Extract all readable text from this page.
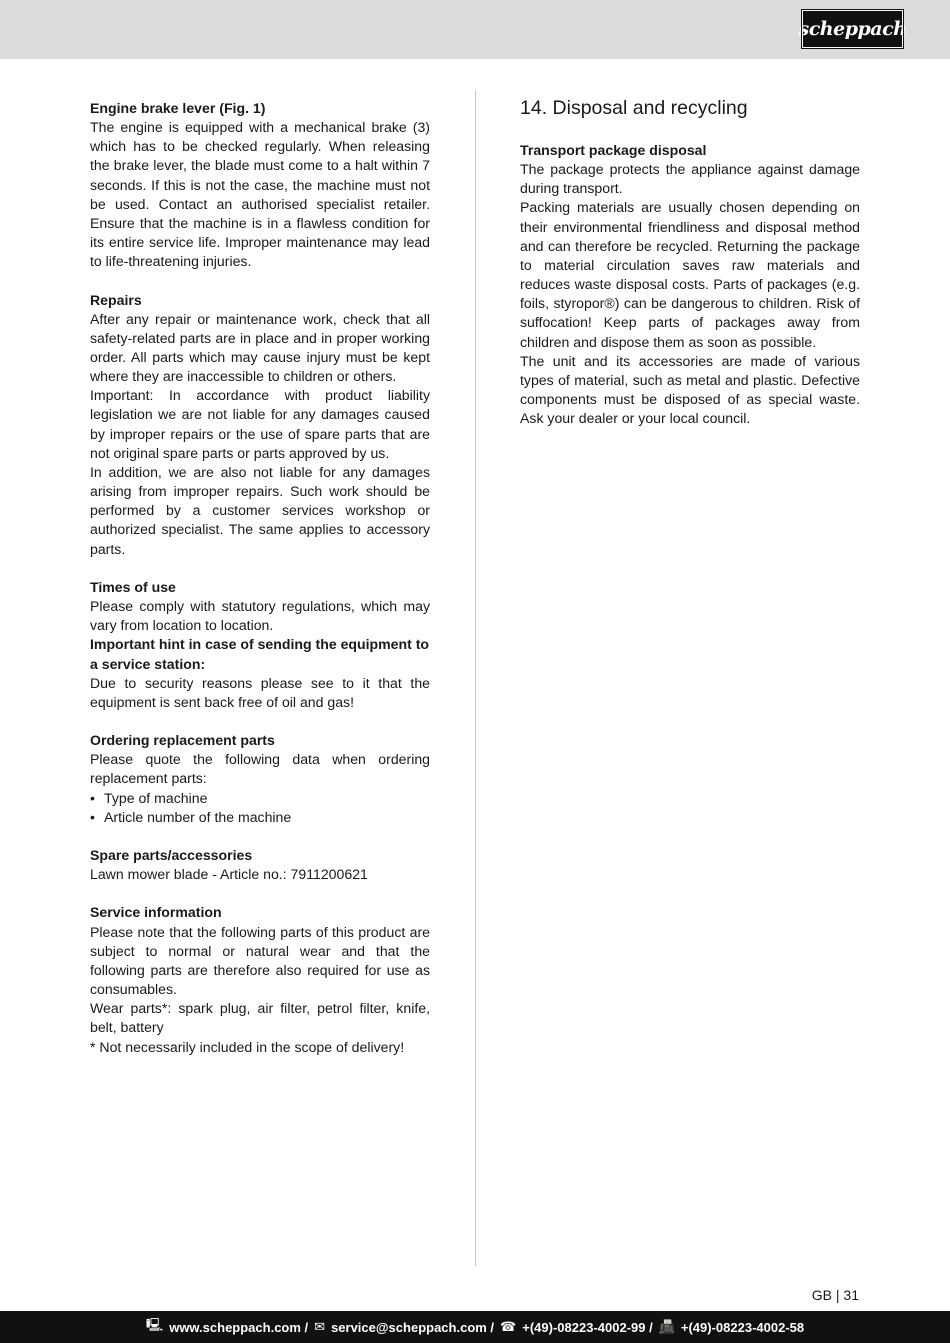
scheppach

Engine brake lever (Fig. 1)

The engine is equipped with a mechanical brake (3) which has to be checked regularly. When releasing the brake lever, the blade must come to a halt within 7 seconds. If this is not the case, the machine must not be used. Contact an authorised specialist retailer. Ensure that the machine is in a flawless condition for its entire service life. Improper maintenance may lead to life-threatening injuries.

Repairs

After any repair or maintenance work, check that all safety-related parts are in place and in proper working order. All parts which may cause injury must be kept where they are inaccessible to children or others.

Important: In accordance with product liability legislation we are not liable for any damages caused by improper repairs or the use of spare parts that are not original spare parts or parts approved by us.

In addition, we are also not liable for any damages arising from improper repairs. Such work should be performed by a customer services workshop or authorized specialist. The same applies to accessory parts.

Times of use

Please comply with statutory regulations, which may vary from location to location.

Important hint in case of sending the equipment to a service station:

Due to security reasons please see to it that the equipment is sent back free of oil and gas!

Ordering replacement parts

Please quote the following data when ordering replacement parts:

• Type of machine
• Article number of the machine

Spare parts/accessories

Lawn mower blade - Article no.: 7911200621

Service information

Please note that the following parts of this product are subject to normal or natural wear and that the following parts are therefore also required for use as consumables.

Wear parts*: spark plug, air filter, petrol filter, knife, belt, battery

* Not necessarily included in the scope of delivery!

14. Disposal and recycling

Transport package disposal

The package protects the appliance against damage during transport.

Packing materials are usually chosen depending on their environmental friendliness and disposal method and can therefore be recycled. Returning the package to material circulation saves raw materials and reduces waste disposal costs. Parts of packages (e.g. foils, styropor®) can be dangerous to children. Risk of suffocation! Keep parts of packages away from children and dispose them as soon as possible.

The unit and its accessories are made of various types of material, such as metal and plastic. Defective components must be disposed of as special waste. Ask your dealer or your local council.

GB | 31
🖳 www.scheppach.com / ✉ service@scheppach.com / ☎ +(49)-08223-4002-99 / 📠 +(49)-08223-4002-58
